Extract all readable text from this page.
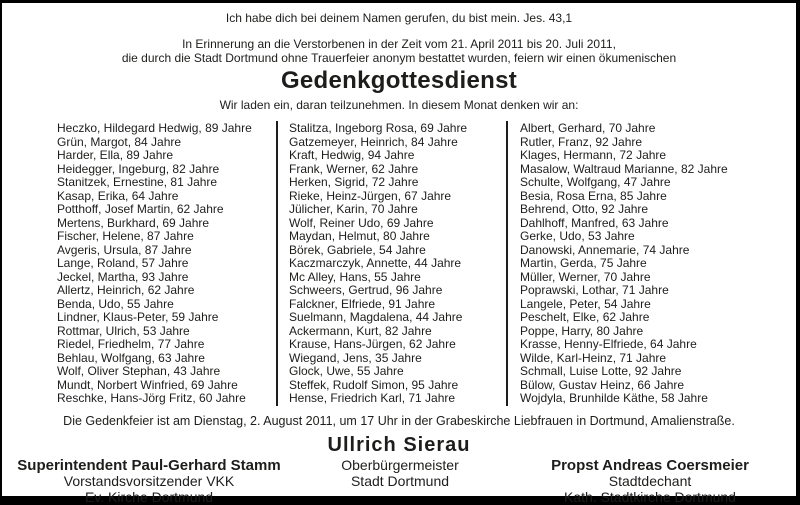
Ich habe dich bei deinem Namen gerufen, du bist mein. Jes. 43,1
In Erinnerung an die Verstorbenen in der Zeit vom 21. April 2011 bis 20. Juli 2011,
die durch die Stadt Dortmund ohne Trauerfeier anonym bestattet wurden, feiern wir einen ökumenischen
Gedenkgottesdienst
Wir laden ein, daran teilzunehmen. In diesem Monat denken wir an:
Heczko, Hildegard Hedwig, 89 Jahre
Grün, Margot, 84 Jahre
Harder, Ella, 89 Jahre
Heidegger, Ingeburg, 82 Jahre
Stanitzek, Ernestine, 81 Jahre
Kasap, Erika, 64 Jahre
Potthoff, Josef Martin, 62 Jahre
Mertens, Burkhard, 69 Jahre
Fischer, Helene, 87 Jahre
Avgeris, Ursula, 87 Jahre
Lange, Roland, 57 Jahre
Jeckel, Martha, 93 Jahre
Allertz, Heinrich, 62 Jahre
Benda, Udo, 55 Jahre
Lindner, Klaus-Peter, 59 Jahre
Rottmar, Ulrich, 53 Jahre
Riedel, Friedhelm, 77 Jahre
Behlau, Wolfgang, 63 Jahre
Wolf, Oliver Stephan, 43 Jahre
Mundt, Norbert Winfried, 69 Jahre
Reschke, Hans-Jörg Fritz, 60 Jahre
Stalitza, Ingeborg Rosa, 69 Jahre
Gatzemeyer, Heinrich, 84 Jahre
Kraft, Hedwig, 94 Jahre
Frank, Werner, 62 Jahre
Herken, Sigrid, 72 Jahre
Rieke, Heinz-Jürgen, 67 Jahre
Jülicher, Karin, 70 Jahre
Wolf, Reiner Udo, 69 Jahre
Maydan, Helmut, 80 Jahre
Börek, Gabriele, 54 Jahre
Kaczmarczyk, Annette, 44 Jahre
Mc Alley, Hans, 55 Jahre
Schweers, Gertrud, 96 Jahre
Falckner, Elfriede, 91 Jahre
Suelmann, Magdalena, 44 Jahre
Ackermann, Kurt, 82 Jahre
Krause, Hans-Jürgen, 62 Jahre
Wiegand, Jens, 35 Jahre
Glock, Uwe, 55 Jahre
Steffek, Rudolf Simon, 95 Jahre
Hense, Friedrich Karl, 71 Jahre
Albert, Gerhard, 70 Jahre
Rutler, Franz, 92 Jahre
Klages, Hermann, 72 Jahre
Masalow, Waltraud Marianne, 82 Jahre
Schulte, Wolfgang, 47 Jahre
Besia, Rosa Erna, 85 Jahre
Behrend, Otto, 92 Jahre
Dahlhoff, Manfred, 63 Jahre
Gerke, Udo, 53 Jahre
Danowski, Annemarie, 74 Jahre
Martin, Gerda, 75 Jahre
Müller, Werner, 70 Jahre
Poprawski, Lothar, 71 Jahre
Langele, Peter, 54 Jahre
Peschelt, Elke, 62 Jahre
Poppe, Harry, 80 Jahre
Krasse, Henny-Elfriede, 64 Jahre
Wilde, Karl-Heinz, 71 Jahre
Schmall, Luise Lotte, 92 Jahre
Bülow, Gustav Heinz, 66 Jahre
Wojdyla, Brunhilde Käthe, 58 Jahre
Die Gedenkfeier ist am Dienstag, 2. August 2011, um 17 Uhr in der Grabeskirche Liebfrauen in Dortmund, Amalienstraße.
Ullrich Sierau
Superintendent Paul-Gerhard Stamm
Vorstandsvorsitzender VKK
Ev. Kirche Dortmund
Oberbürgermeister
Stadt Dortmund
Propst Andreas Coersmeier
Stadtdechant
Kath. Stadtkirche Dortmund
